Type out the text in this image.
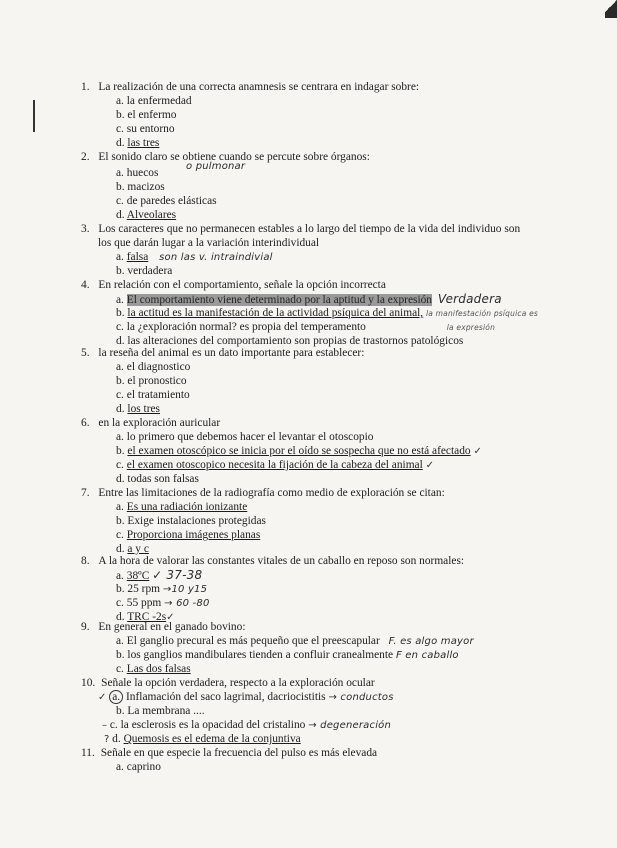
1. La realización de una correcta anamnesis se centrara en indagar sobre:
a. la enfermedad
b. el enfermo
c. su entorno
d. las tres
2. El sonido claro se obtiene cuando se percute sobre órganos:
o pulmonar
a. huecos
b. macizos
c. de paredes elásticas
d. Alveolares
3. Los caracteres que no permanecen estables a lo largo del tiempo de la vida del individuo son
los que darán lugar a la variación interindividual
a. falsa son las v. intraindivial
b. verdadera
4. En relación con el comportamiento, señale la opción incorrecta
a. El comportamiento viene determinado por la aptitud y la expresión Verdadera
b. la actitud es la manifestación de la actividad psíquica del animal, la manifestación psíquica es
c. la ¿exploración normal? es propia del temperamento	la expresión
d. las alteraciones del comportamiento son propias de trastornos patológicos
5. la reseña del animal es un dato importante para establecer:
a. el diagnostico
b. el pronostico
c. el tratamiento
d. los tres
6. en la exploración auricular
a. lo primero que debemos hacer el levantar el otoscopio
b. el examen otoscópico se inicia por el oído se sospecha que no está afectado ✓
c. el examen otoscopico necesita la fijación de la cabeza del animal ✓
d. todas son falsas
7. Entre las limitaciones de la radiografía como medio de exploración se citan:
a. Es una radiación ionizante
b. Exige instalaciones protegidas
c. Proporciona imágenes planas
d. a y c
8. A la hora de valorar las constantes vitales de un caballo en reposo son normales:
a. 38ºC ✓ 37-38
b. 25 rpm →10 y15
c. 55 ppm → 60 -80
d. TRC -2s✓
9. En general en el ganado bovino:
a. El ganglio precural es más pequeño que el preescapular F. es algo mayor
b. los ganglios mandibulares tienden a confluir cranealmente F en caballo
c. Las dos falsas
10. Señale la opción verdadera, respecto a la exploración ocular
✓ a. Inflamación del saco lagrimal, dacriocistitis → conductos
b. La membrana ....
– c. la esclerosis es la opacidad del cristalino → degeneración
? d. Quemosis es el edema de la conjuntiva
11. Señale en que especie la frecuencia del pulso es más elevada
a. caprino
